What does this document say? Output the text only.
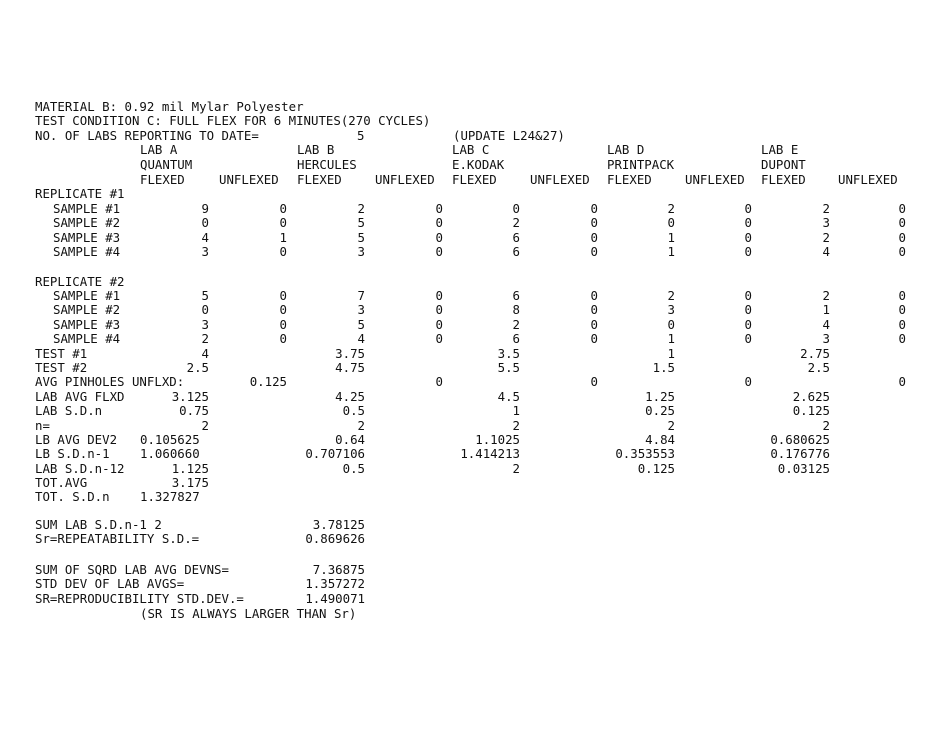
MATERIAL B: 0.92 mil Mylar Polyester
TEST CONDITION C: FULL FLEX FOR 6 MINUTES(270 CYCLES)
NO. OF LABS REPORTING TO DATE=	5	(UPDATE L24&27)
LAB A	LAB B	LAB C	LAB D	LAB E
QUANTUM	HERCULES	E.KODAK	PRINTPACK	DUPONT
FLEXED	UNFLEXED FLEXED	UNFLEXED FLEXED	UNFLEXED FLEXED	UNFLEXED FLEXED	UNFLEXED
REPLICATE #1
SAMPLE #1	9	0	2	0	0	0	2	0	2	0
SAMPLE #2	0	0	5	0	2	0	0	0	3	0
SAMPLE #3	4	1	5	0	6	0	1	0	2	0
SAMPLE #4	3	0	3	0	6	0	1	0	4	0
REPLICATE #2
SAMPLE #1	5	0	7	0	6	0	2	0	2	0
SAMPLE #2	0	0	3	0	8	0	3	0	1	0
SAMPLE #3	3	0	5	0	2	0	0	0	4	0
SAMPLE #4	2	0	4	0	6	0	1	0	3	0
TEST #1	4	3.75	3.5	1	2.75
TEST #2	2.5	4.75	5.5	1.5	2.5
AVG PINHOLES UNFLXD:	0.125	0	0	0	0
LAB AVG FLXD	3.125	4.25	4.5	1.25	2.625
LAB S.D.n	0.75	0.5	1	0.25	0.125
n=	2	2	2	2	2
LB AVG DEV2 0.105625	0.64	1.1025	4.84	0.680625
LB S.D.n-1 1.060660	0.707106	1.414213	0.353553	0.176776
LAB S.D.n-12	1.125	0.5	2	0.125	0.03125
TOT.AVG	3.175
TOT. S.D.n 1.327827
SUM LAB S.D.n-1 2	3.78125
Sr=REPEATABILITY S.D.=	0.869626
SUM OF SQRD LAB AVG DEVNS=	7.36875
STD DEV OF LAB AVGS=	1.357272
SR=REPRODUCIBILITY STD.DEV.=	1.490071
(SR IS ALWAYS LARGER THAN Sr)
